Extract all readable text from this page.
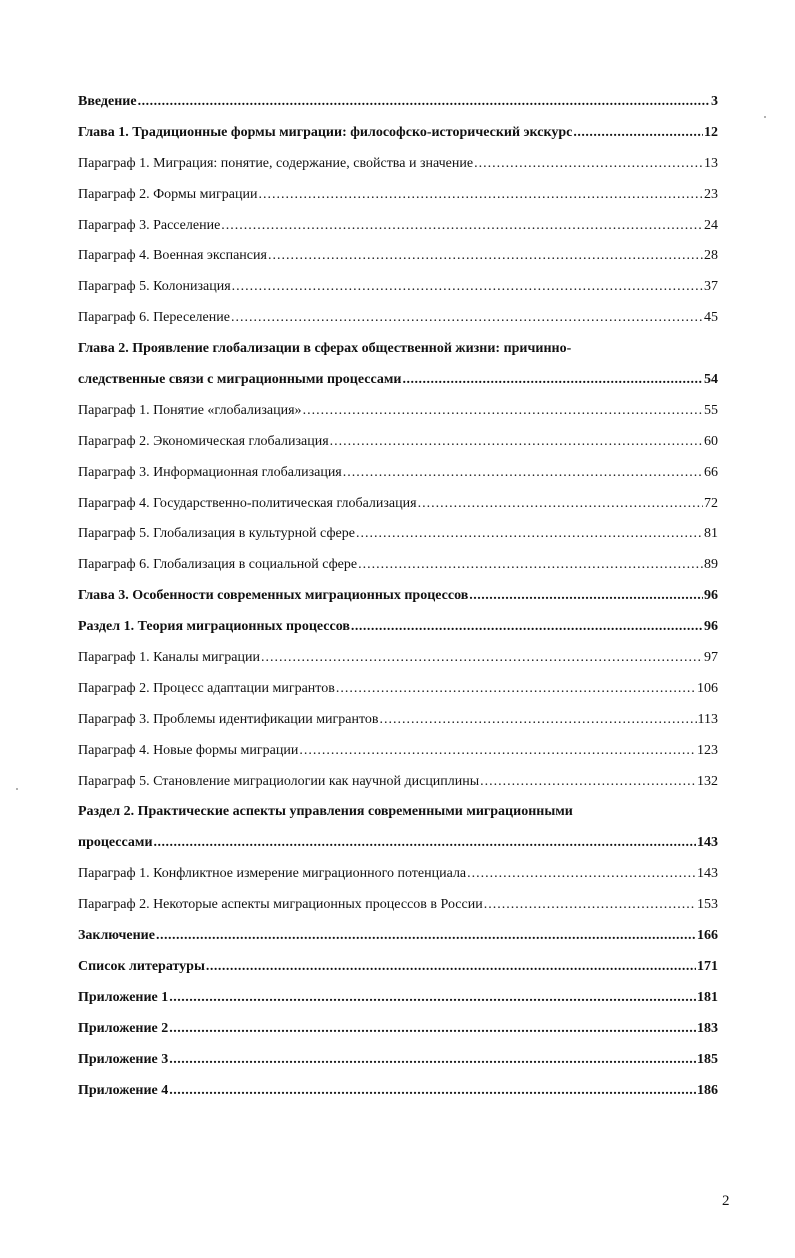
Введение .....	3
Глава 1. Традиционные формы миграции: философско-исторический экскурс .....	12
Параграф 1. Миграция: понятие, содержание, свойства и значение .....	13
Параграф 2. Формы миграции .....	23
Параграф 3. Расселение .....	24
Параграф 4. Военная экспансия .....	28
Параграф 5. Колонизация .....	37
Параграф 6. Переселение .....	45
Глава 2. Проявление глобализации в сферах общественной жизни: причинно-
следственные связи с миграционными процессами .....	54
Параграф 1. Понятие «глобализация» .....	55
Параграф 2. Экономическая глобализация .....	60
Параграф 3. Информационная глобализация .....	66
Параграф 4. Государственно-политическая глобализация .....	72
Параграф 5. Глобализация в культурной сфере .....	81
Параграф 6. Глобализация в социальной сфере .....	89
Глава 3. Особенности современных миграционных процессов .....	96
Раздел 1. Теория миграционных процессов .....	96
Параграф 1. Каналы миграции .....	97
Параграф 2. Процесс адаптации мигрантов .....	106
Параграф 3. Проблемы идентификации мигрантов .....	113
Параграф 4. Новые формы миграции .....	123
Параграф 5. Становление миграциологии как научной дисциплины .....	132
Раздел 2. Практические аспекты управления современными миграционными
процессами .....	143
Параграф 1. Конфликтное измерение миграционного потенциала .....	143
Параграф 2. Некоторые аспекты миграционных процессов в России .....	153
Заключение .....	166
Список литературы .....	171
Приложение 1 .....	181
Приложение 2 .....	183
Приложение 3 .....	185
Приложение 4 .....	186
2
